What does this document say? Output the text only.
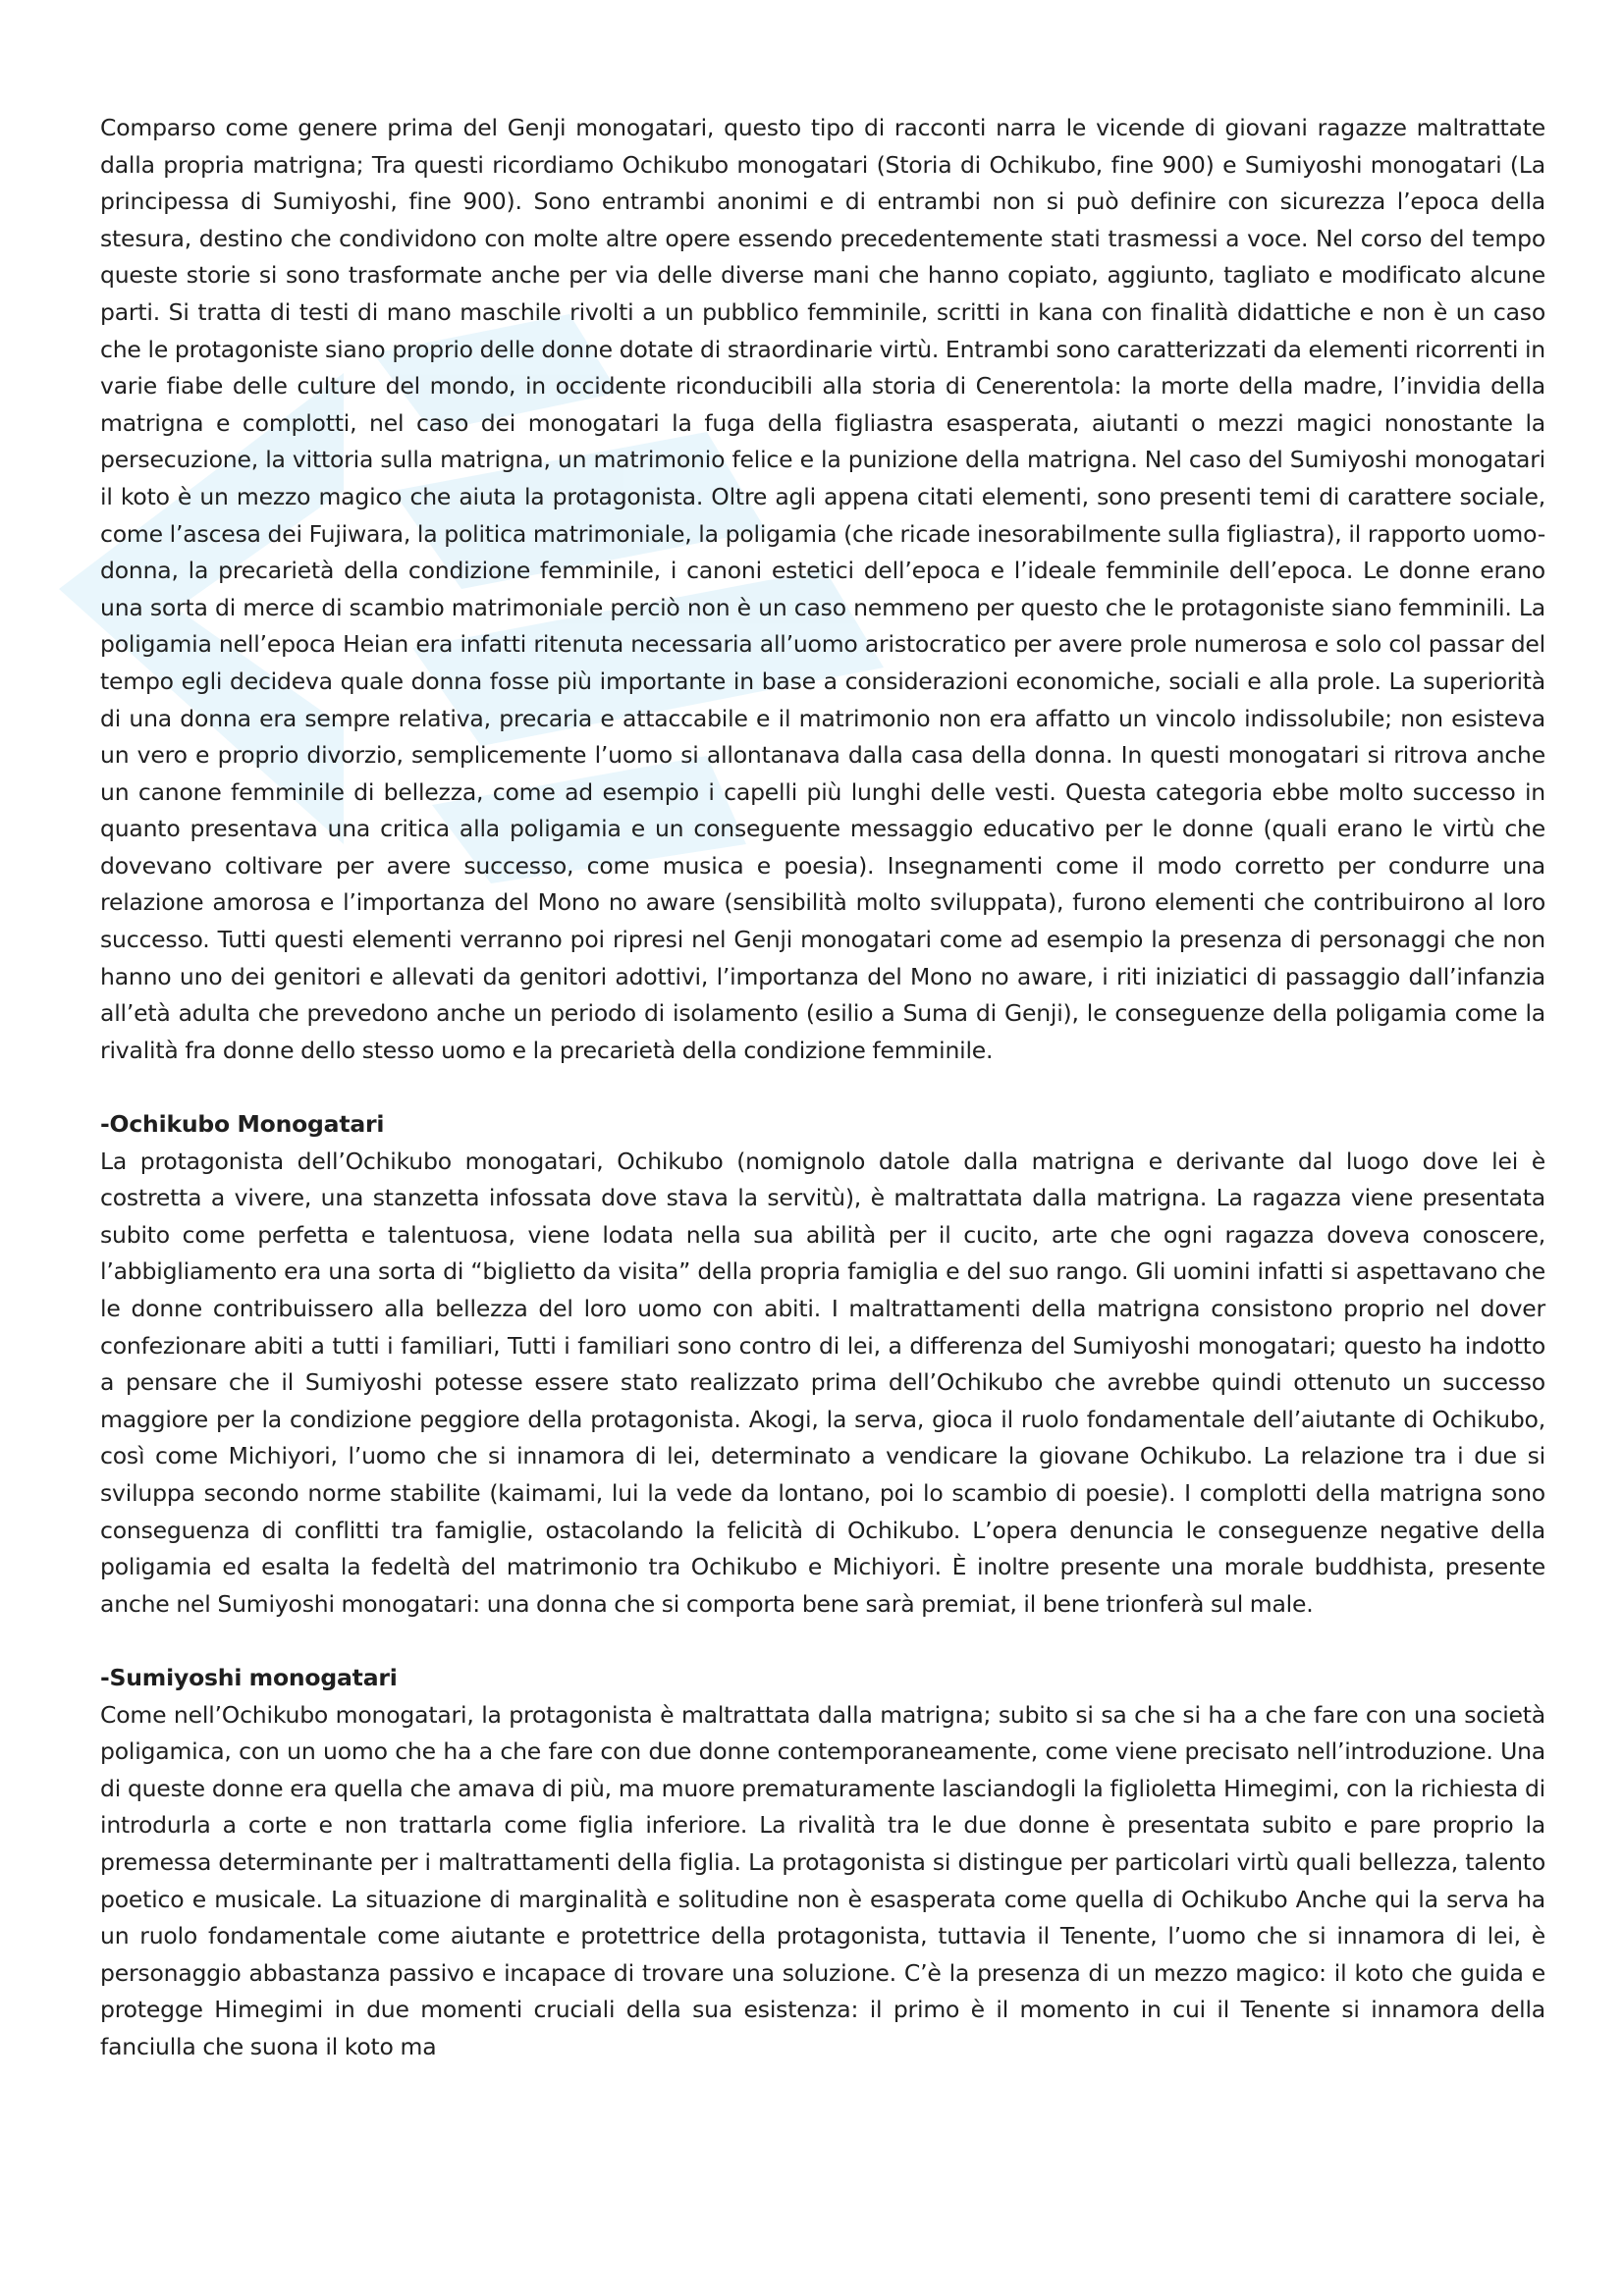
Comparso come genere prima del Genji monogatari, questo tipo di racconti narra le vicende di giovani ragazze maltrattate dalla propria matrigna; Tra questi ricordiamo Ochikubo monogatari (Storia di Ochikubo, fine 900) e Sumiyoshi monogatari (La principessa di Sumiyoshi, fine 900). Sono entrambi anonimi e di entrambi non si può definire con sicurezza l’epoca della stesura, destino che condividono con molte altre opere essendo precedentemente stati trasmessi a voce. Nel corso del tempo queste storie si sono trasformate anche per via delle diverse mani che hanno copiato, aggiunto, tagliato e modificato alcune parti. Si tratta di testi di mano maschile rivolti a un pubblico femminile, scritti in kana con finalità didattiche e non è un caso che le protagoniste siano proprio delle donne dotate di straordinarie virtù. Entrambi sono caratterizzati da elementi ricorrenti in varie fiabe delle culture del mondo, in occidente riconducibili alla storia di Cenerentola: la morte della madre, l’invidia della matrigna e complotti, nel caso dei monogatari la fuga della figliastra esasperata, aiutanti o mezzi magici nonostante la persecuzione, la vittoria sulla matrigna, un matrimonio felice e la punizione della matrigna. Nel caso del Sumiyoshi monogatari il koto è un mezzo magico che aiuta la protagonista. Oltre agli appena citati elementi, sono presenti temi di carattere sociale, come l’ascesa dei Fujiwara, la politica matrimoniale, la poligamia (che ricade inesorabilmente sulla figliastra), il rapporto uomo-donna, la precarietà della condizione femminile, i canoni estetici dell’epoca e l’ideale femminile dell’epoca. Le donne erano una sorta di merce di scambio matrimoniale perciò non è un caso nemmeno per questo che le protagoniste siano femminili. La poligamia nell’epoca Heian era infatti ritenuta necessaria all’uomo aristocratico per avere prole numerosa e solo col passar del tempo egli decideva quale donna fosse più importante in base a considerazioni economiche, sociali e alla prole. La superiorità di una donna era sempre relativa, precaria e attaccabile e il matrimonio non era affatto un vincolo indissolubile; non esisteva un vero e proprio divorzio, semplicemente l’uomo si allontanava dalla casa della donna. In questi monogatari si ritrova anche un canone femminile di bellezza, come ad esempio i capelli più lunghi delle vesti. Questa categoria ebbe molto successo in quanto presentava una critica alla poligamia e un conseguente messaggio educativo per le donne (quali erano le virtù che dovevano coltivare per avere successo, come musica e poesia). Insegnamenti come il modo corretto per condurre una relazione amorosa e l’importanza del Mono no aware (sensibilità molto sviluppata), furono elementi che contribuirono al loro successo. Tutti questi elementi verranno poi ripresi nel Genji monogatari come ad esempio la presenza di personaggi che non hanno uno dei genitori e allevati da genitori adottivi, l’importanza del Mono no aware, i riti iniziatici di passaggio dall’infanzia all’età adulta che prevedono anche un periodo di isolamento (esilio a Suma di Genji), le conseguenze della poligamia come la rivalità fra donne dello stesso uomo e la precarietà della condizione femminile.

-Ochikubo Monogatari

La protagonista dell’Ochikubo monogatari, Ochikubo (nomignolo datole dalla matrigna e derivante dal luogo dove lei è costretta a vivere, una stanzetta infossata dove stava la servitù), è maltrattata dalla matrigna. La ragazza viene presentata subito come perfetta e talentuosa, viene lodata nella sua abilità per il cucito, arte che ogni ragazza doveva conoscere, l’abbigliamento era una sorta di “biglietto da visita” della propria famiglia e del suo rango. Gli uomini infatti si aspettavano che le donne contribuissero alla bellezza del loro uomo con abiti. I maltrattamenti della matrigna consistono proprio nel dover confezionare abiti a tutti i familiari, Tutti i familiari sono contro di lei, a differenza del Sumiyoshi monogatari; questo ha indotto a pensare che il Sumiyoshi potesse essere stato realizzato prima dell’Ochikubo che avrebbe quindi ottenuto un successo maggiore per la condizione peggiore della protagonista. Akogi, la serva, gioca il ruolo fondamentale dell’aiutante di Ochikubo, così come Michiyori, l’uomo che si innamora di lei, determinato a vendicare la giovane Ochikubo. La relazione tra i due si sviluppa secondo norme stabilite (kaimami, lui la vede da lontano, poi lo scambio di poesie). I complotti della matrigna sono conseguenza di conflitti tra famiglie, ostacolando la felicità di Ochikubo. L’opera denuncia le conseguenze negative della poligamia ed esalta la fedeltà del matrimonio tra Ochikubo e Michiyori. È inoltre presente una morale buddhista, presente anche nel Sumiyoshi monogatari: una donna che si comporta bene sarà premiat, il bene trionferà sul male.

-Sumiyoshi monogatari

Come nell’Ochikubo monogatari, la protagonista è maltrattata dalla matrigna; subito si sa che si ha a che fare con una società poligamica, con un uomo che ha a che fare con due donne contemporaneamente, come viene precisato nell’introduzione. Una di queste donne era quella che amava di più, ma muore prematuramente lasciandogli la figlioletta Himegimi, con la richiesta di introdurla a corte e non trattarla come figlia inferiore. La rivalità tra le due donne è presentata subito e pare proprio la premessa determinante per i maltrattamenti della figlia. La protagonista si distingue per particolari virtù quali bellezza, talento poetico e musicale. La situazione di marginalità e solitudine non è esasperata come quella di Ochikubo Anche qui la serva ha un ruolo fondamentale come aiutante e protettrice della protagonista, tuttavia il Tenente, l’uomo che si innamora di lei, è personaggio abbastanza passivo e incapace di trovare una soluzione. C’è la presenza di un mezzo magico: il koto che guida e protegge Himegimi in due momenti cruciali della sua esistenza: il primo è il momento in cui il Tenente si innamora della fanciulla che suona il koto ma
